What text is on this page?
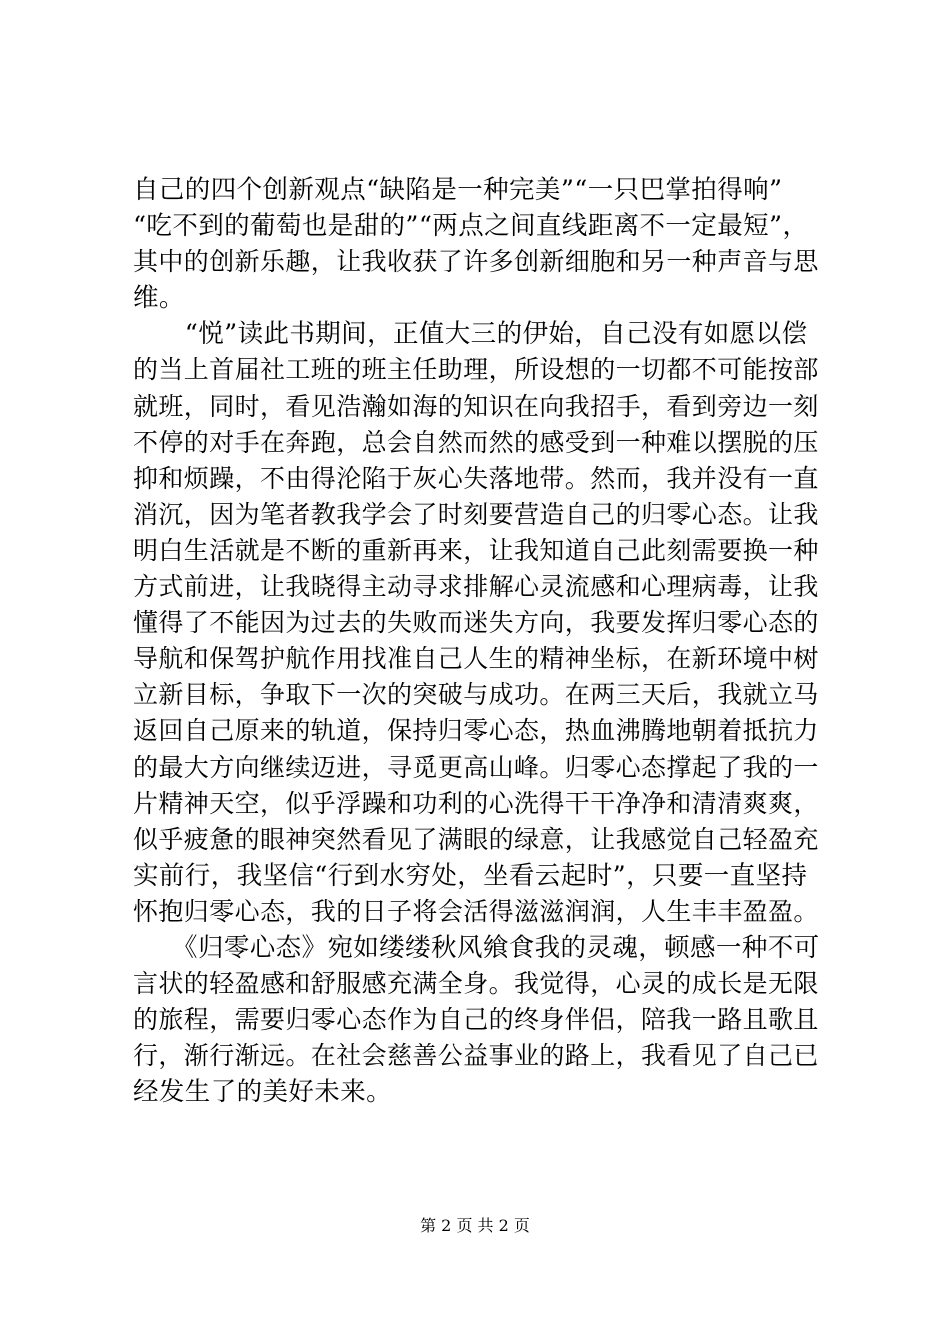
自己的四个创新观点“缺陷是一种完美”“一只巴掌拍得响”
“吃不到的葡萄也是甜的”“两点之间直线距离不一定最短”，
其中的创新乐趣，让我收获了许多创新细胞和另一种声音与思
维。
　　“悦”读此书期间，正值大三的伊始，自己没有如愿以偿
的当上首届社工班的班主任助理，所设想的一切都不可能按部
就班，同时，看见浩瀚如海的知识在向我招手，看到旁边一刻
不停的对手在奔跑，总会自然而然的感受到一种难以摆脱的压
抑和烦躁，不由得沦陷于灰心失落地带。然而，我并没有一直
消沉，因为笔者教我学会了时刻要营造自己的归零心态。让我
明白生活就是不断的重新再来，让我知道自己此刻需要换一种
方式前进，让我晓得主动寻求排解心灵流感和心理病毒，让我
懂得了不能因为过去的失败而迷失方向，我要发挥归零心态的
导航和保驾护航作用找准自己人生的精神坐标，在新环境中树
立新目标，争取下一次的突破与成功。在两三天后，我就立马
返回自己原来的轨道，保持归零心态，热血沸腾地朝着抵抗力
的最大方向继续迈进，寻觅更高山峰。归零心态撑起了我的一
片精神天空，似乎浮躁和功利的心洗得干干净净和清清爽爽，
似乎疲惫的眼神突然看见了满眼的绿意，让我感觉自己轻盈充
实前行，我坚信“行到水穷处，坐看云起时”，只要一直坚持
怀抱归零心态，我的日子将会活得滋滋润润，人生丰丰盈盈。
　　《归零心态》宛如缕缕秋风飨食我的灵魂，顿感一种不可
言状的轻盈感和舒服感充满全身。我觉得，心灵的成长是无限
的旅程，需要归零心态作为自己的终身伴侣，陪我一路且歌且
行，渐行渐远。在社会慈善公益事业的路上，我看见了自己已
经发生了的美好未来。
第 2 页 共 2 页
